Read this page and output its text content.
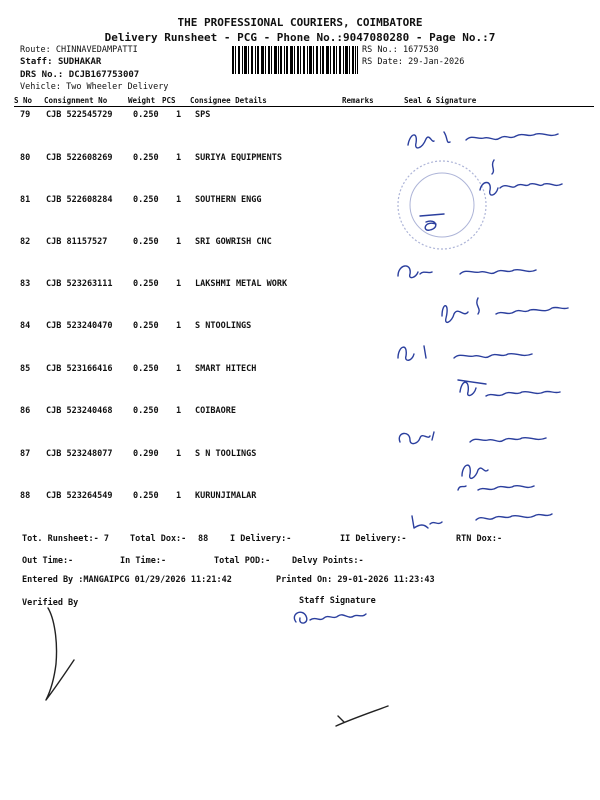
THE PROFESSIONAL COURIERS, COIMBATORE
Delivery Runsheet - PCG - Phone No.:9047080280 - Page No.:7
Route: CHINNAVEDAMPATTI
Staff: SUDHAKAR
DRS No.: DCJB167753007
Vehicle: Two Wheeler Delivery
RS No.: 1677530
RS Date: 29-Jan-2026
S No Consignment No	Weight PCS Consignee Details	Remarks	Seal & Signature
79 CJB 522545729 0.250 1 SPS
80 CJB 522608269 0.250 1 SURIYA EQUIPMENTS
81 CJB 522608284 0.250 1 SOUTHERN ENGG
82 CJB 81157527	0.250 1 SRI GOWRISH CNC
83 CJB 523263111 0.250 1 LAKSHMI METAL WORK
84 CJB 523240470 0.250 1 S NTOOLINGS
85 CJB 523166416 0.250 1 SMART HITECH
86 CJB 523240468 0.250 1 COIBAORE
87 CJB 523248077 0.290 1 S N TOOLINGS
88 CJB 523264549 0.250 1 KURUNJIMALAR
Tot. Runsheet:- 7 Total Dox:- 88	I Delivery:-	II Delivery:-	RTN Dox:-
Out Time:-	In Time:-	Total POD:-	Delvy Points:-
Entered By :MANGAIPCG 01/29/2026 11:21:42	Printed On: 29-01-2026 11:23:43
Verified By	Staff Signature
